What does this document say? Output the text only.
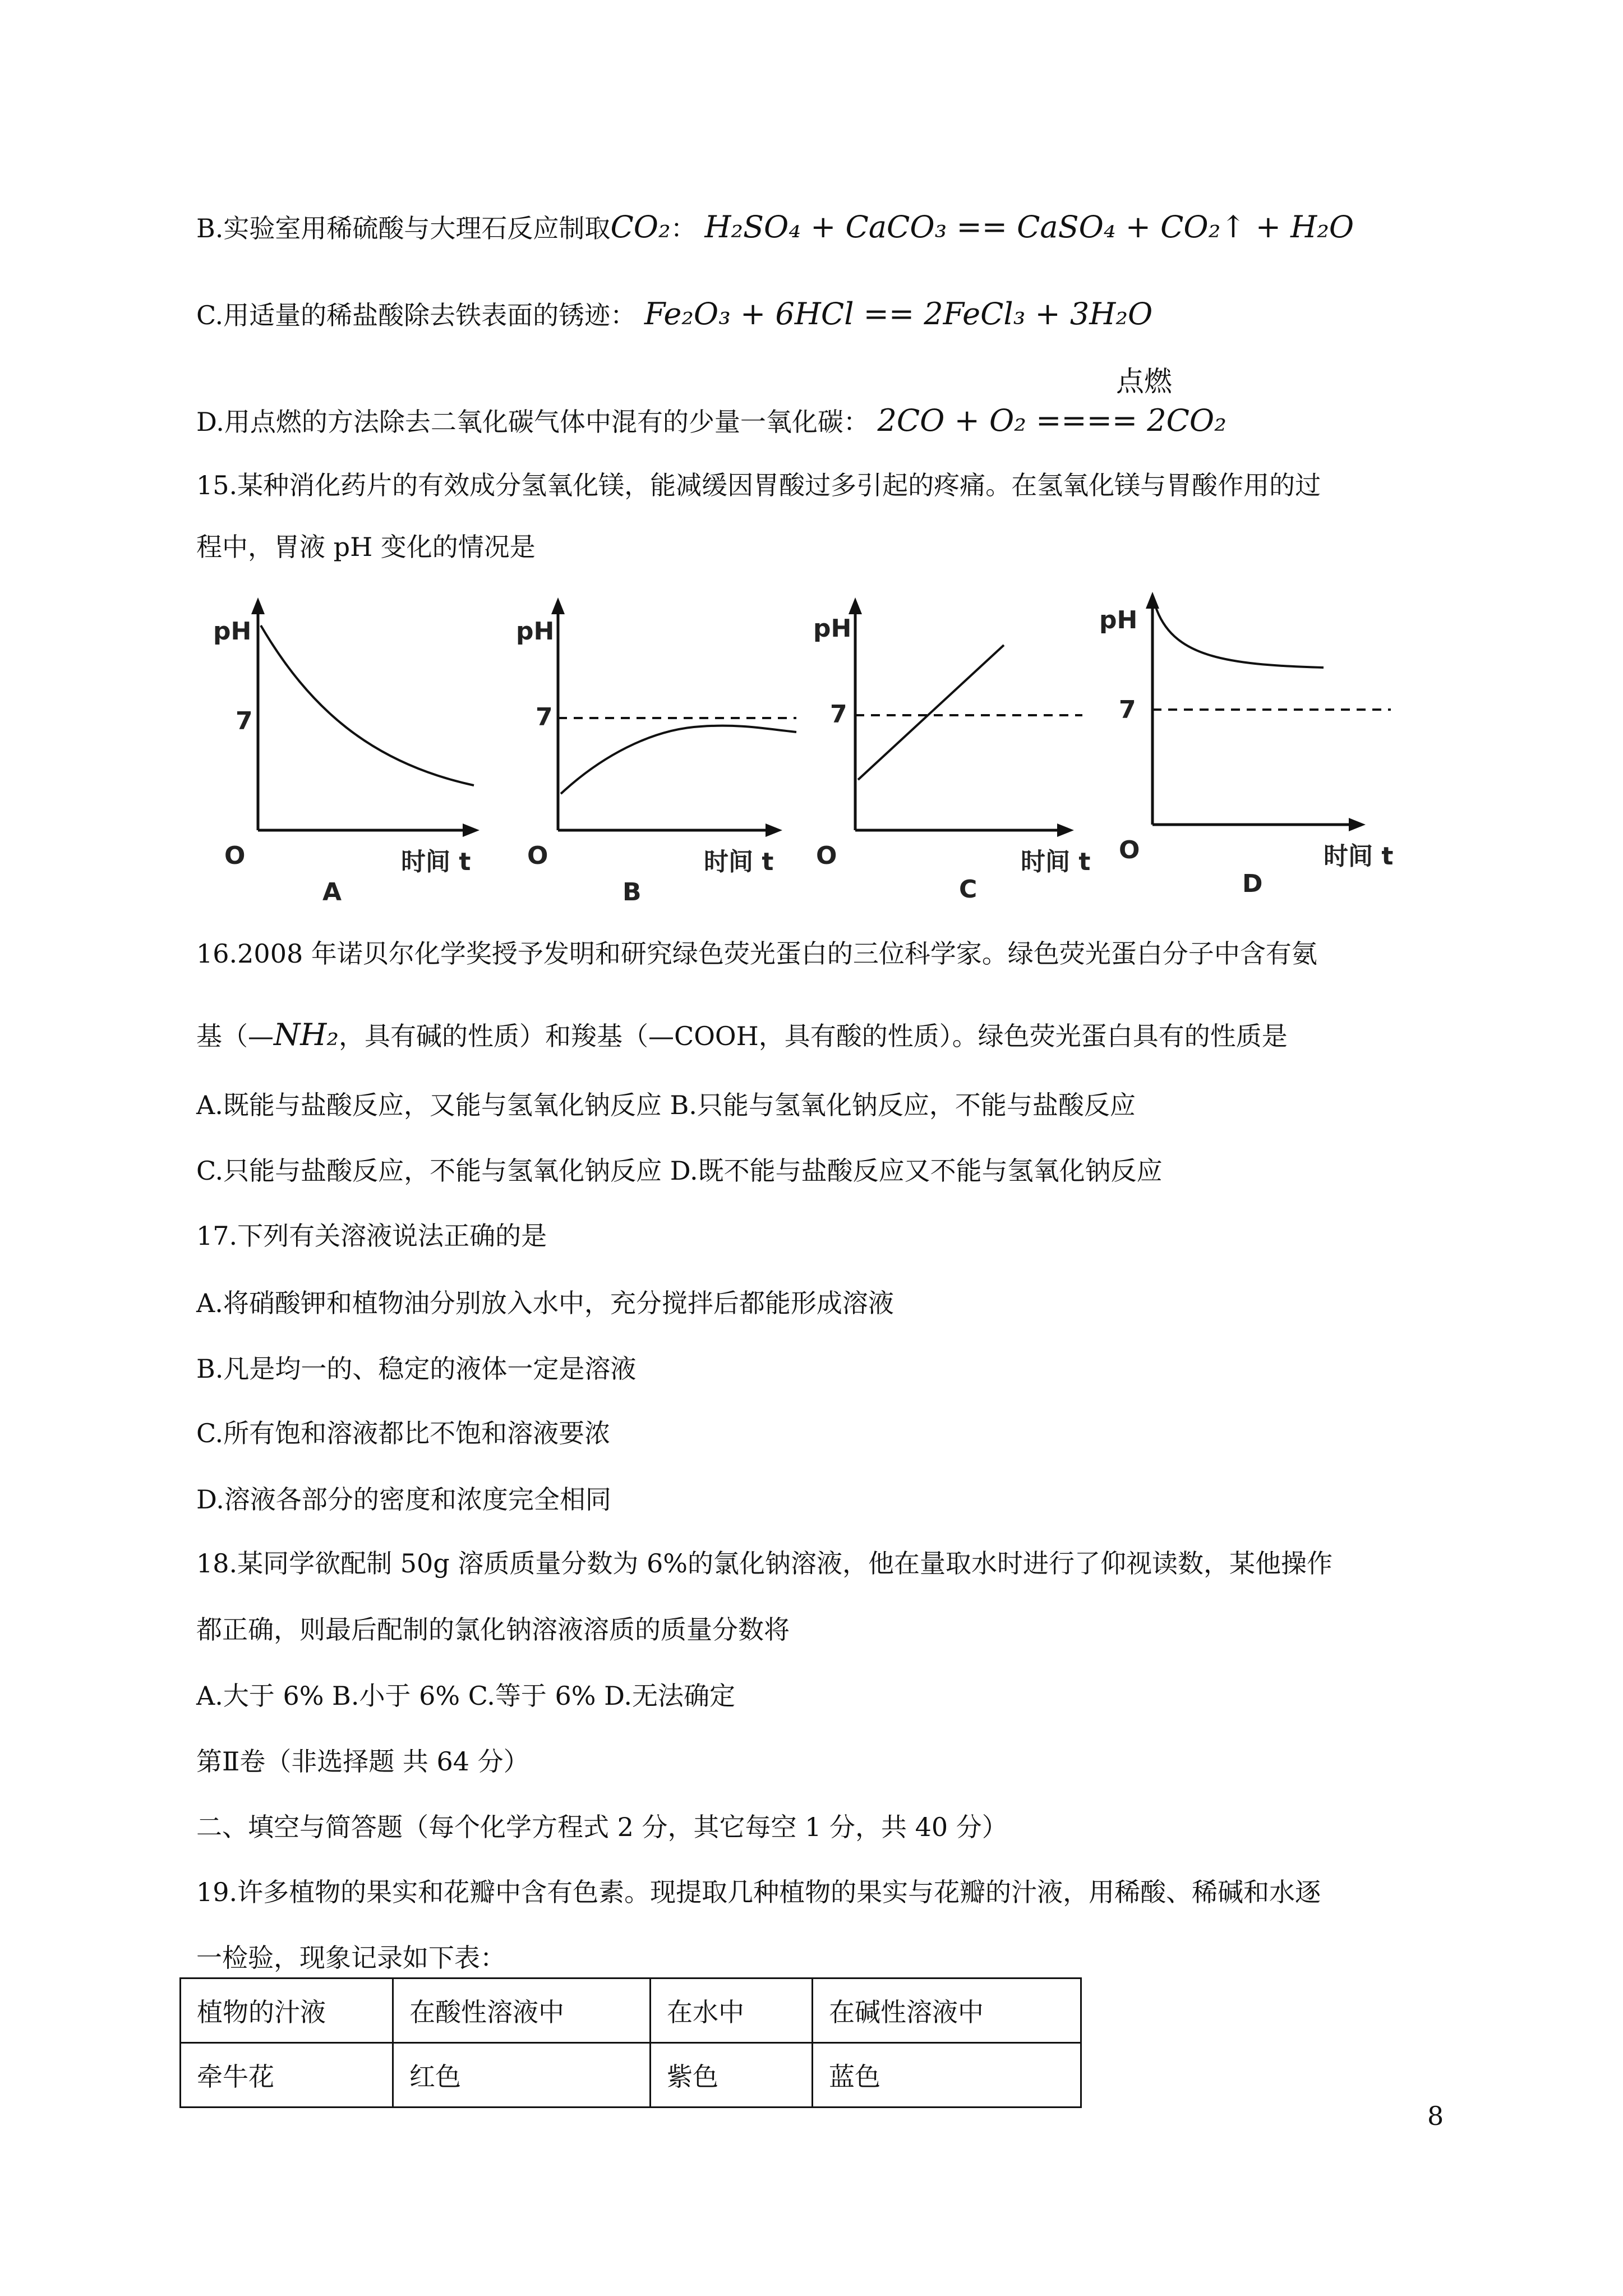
B.实验室用稀硫酸与大理石反应制取CO₂： H₂SO₄ + CaCO₃ == CaSO₄ + CO₂↑ + H₂O
C.用适量的稀盐酸除去铁表面的锈迹： Fe₂O₃ + 6HCl == 2FeCl₃ + 3H₂O
D.用点燃的方法除去二氧化碳气体中混有的少量一氧化碳： 2CO + O₂ ==== 2CO₂
点燃
15.某种消化药片的有效成分氢氧化镁，能减缓因胃酸过多引起的疼痛。在氢氧化镁与胃酸作用的过
程中，胃液 pH 变化的情况是
pH
7
O	时间 t
A
pH
7
O	时间 t
B
pH
7
O	时间 t
C
pH
7
O	时间 t
D
16.2008 年诺贝尔化学奖授予发明和研究绿色荧光蛋白的三位科学家。绿色荧光蛋白分子中含有氨
基（—NH₂，具有碱的性质）和羧基（—COOH，具有酸的性质）。绿色荧光蛋白具有的性质是
A.既能与盐酸反应，又能与氢氧化钠反应 B.只能与氢氧化钠反应，不能与盐酸反应
C.只能与盐酸反应，不能与氢氧化钠反应 D.既不能与盐酸反应又不能与氢氧化钠反应
17.下列有关溶液说法正确的是
A.将硝酸钾和植物油分别放入水中，充分搅拌后都能形成溶液
B.凡是均一的、稳定的液体一定是溶液
C.所有饱和溶液都比不饱和溶液要浓
D.溶液各部分的密度和浓度完全相同
18.某同学欲配制 50g 溶质质量分数为 6%的氯化钠溶液，他在量取水时进行了仰视读数，某他操作
都正确，则最后配制的氯化钠溶液溶质的质量分数将
A.大于 6% B.小于 6% C.等于 6% D.无法确定
第Ⅱ卷（非选择题 共 64 分）
二、填空与简答题（每个化学方程式 2 分，其它每空 1 分，共 40 分）
19.许多植物的果实和花瓣中含有色素。现提取几种植物的果实与花瓣的汁液，用稀酸、稀碱和水逐
一检验，现象记录如下表：
植物的汁液	在酸性溶液中	在水中	在碱性溶液中
牵牛花	红色	紫色	蓝色
8
